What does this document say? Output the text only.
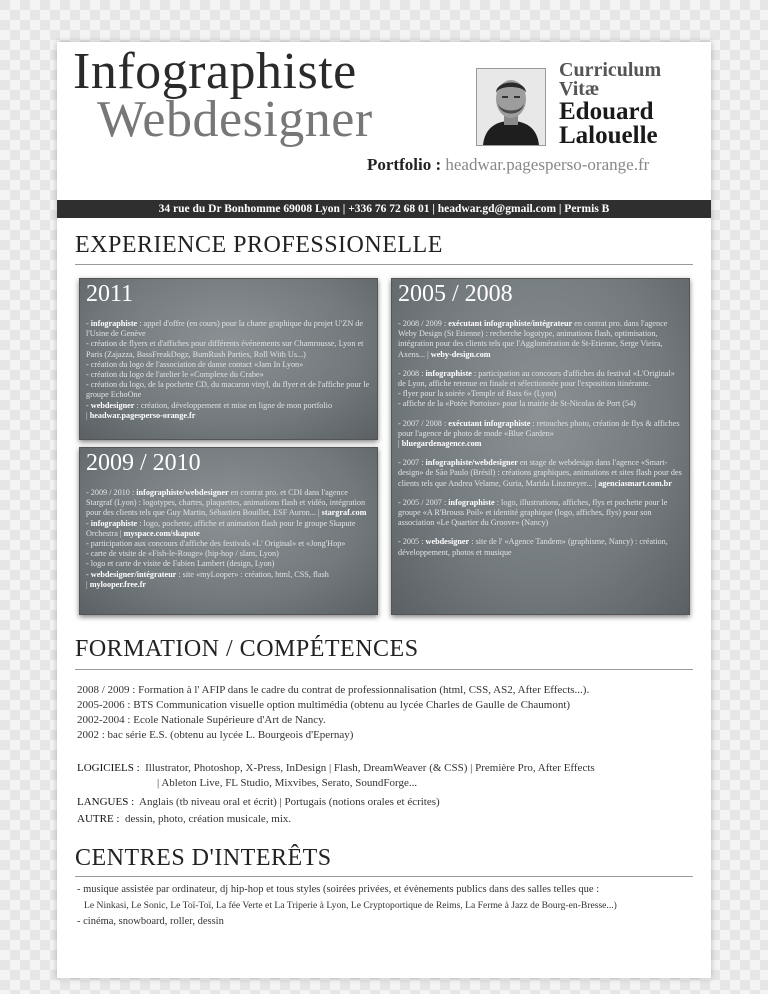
Infographiste
Webdesigner
Curriculum
Vitæ
Edouard
Lalouelle
Portfolio : headwar.pagesperso-orange.fr
34 rue du Dr Bonhomme 69008 Lyon | +336 76 72 68 01 | headwar.gd@gmail.com | Permis B
EXPERIENCE PROFESSIONELLE
2011
- infographiste : appel d'offre (en cours) pour la charte graphique du projet U'ZN de l'Usine de Genève
- création de flyers et d'affiches pour différents événements sur Chamrousse, Lyon et Paris (Zajazza, BassFreakDogz, BumRush Parties, Roll With Us...)
- création du logo de l'association de danse contact «Jam In Lyon»
- création du logo de l'atelier le «Complexe du Crabe»
- création du logo, de la pochette CD, du macaron vinyl, du flyer et de l'affiche pour le groupe EchoOne
- webdesigner : création, développement et mise en ligne de mon portfolio
| headwar.pagesperso-orange.fr
2009 / 2010
- 2009 / 2010 : infographiste/webdesigner en contrat pro. et CDI dans l'agence Stargraf (Lyon) : logotypes, chartes, plaquettes, animations flash et vidéo, intégration pour des clients tels que Guy Martin, Sébastien Bouillet, ESF Auron... | stargraf.com
- infographiste : logo, pochette, affiche et animation flash pour le groupe Skapute Orchestra | myspace.com/skapute
- participation aux concours d'affiche des festivals «L' Original» et «Jong'Hop»
- carte de visite de «Fish-le-Rouge» (hip-hop / slam, Lyon)
- logo et carte de visite de Fabien Lambert (design, Lyon)
- webdesigner/intégrateur : site «myLooper» : création, html, CSS, flash
| mylooper.free.fr
2005 / 2008
- 2008 / 2009 : exécutant infographiste/intégrateur en contrat pro. dans l'agence Weby Design (St Etienne) : recherche logotype, animations flash, optimisation, intégration pour des clients tels que l'Agglomération de St-Etienne, Serge Vieira, Axens... | weby-design.com
- 2008 : infographiste : participation au concours d'affiches du festival «L'Original» de Lyon, affiche retenue en finale et sélectionnée pour l'exposition itinérante.
- flyer pour la soirée «Temple of Bass 6» (Lyon)
- affiche de la «Potée Portoise» pour la mairie de St-Nicolas de Port (54)
- 2007 / 2008 : exécutant infographiste : retouches photo, création de flys & affiches pour l'agence de photo de mode «Blue Garden»
| bluegardenagence.com
- 2007 : infographiste/webdesigner en stage de webdesign dans l'agence «Smart-design» de São Paulo (Brésil) : créations graphiques, animations et sites flash pour des clients tels que Andrea Velame, Guria, Marida Linzmeyer... | agenciasmart.com.br
- 2005 / 2007 : infographiste : logo, illustrations, affiches, flys et pochette pour le groupe «A R'Brouss Poil» et identité graphique (logo, affiches, flys) pour son association «Le Quartier du Groove» (Nancy)
- 2005 : webdesigner : site de l' «Agence Tandem» (graphisme, Nancy) : création, développement, photos et musique
FORMATION / COMPÉTENCES
2008 / 2009 : Formation à l' AFIP dans le cadre du contrat de professionnalisation (html, CSS, AS2, After Effects...).
2005-2006 : BTS Communication visuelle option multimédia (obtenu au lycée Charles de Gaulle de Chaumont)
2002-2004 : Ecole Nationale Supérieure d'Art de Nancy.
2002 : bac série E.S. (obtenu au lycée L. Bourgeois d'Epernay)
LOGICIELS : Illustrator, Photoshop, X-Press, InDesign | Flash, DreamWeaver (& CSS) | Première Pro, After Effects
| Ableton Live, FL Studio, Mixvibes, Serato, SoundForge...
LANGUES : Anglais (tb niveau oral et écrit) | Portugais (notions orales et écrites)
AUTRE : dessin, photo, création musicale, mix.
CENTRES D'INTERÊTS
- musique assistée par ordinateur, dj hip-hop et tous styles (soirées privées, et évènements publics dans des salles telles que :
Le Ninkasi, Le Sonic, Le Toï-Toï, La fée Verte et La Triperie à Lyon, Le Cryptoportique de Reims, La Ferme à Jazz de Bourg-en-Bresse...)
- cinéma, snowboard, roller, dessin
